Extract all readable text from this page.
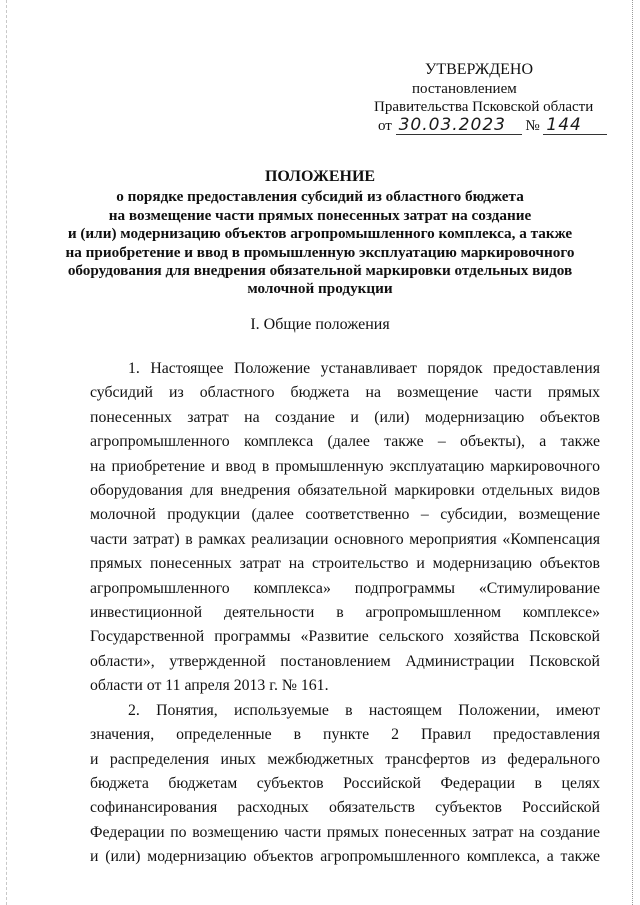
УТВЕРЖДЕНО
постановлением
Правительства Псковской области
от 30.03.2023 № 144
ПОЛОЖЕНИЕ
о порядке предоставления субсидий из областного бюджета
на возмещение части прямых понесенных затрат на создание
и (или) модернизацию объектов агропромышленного комплекса, а также
на приобретение и ввод в промышленную эксплуатацию маркировочного
оборудования для внедрения обязательной маркировки отдельных видов
молочной продукции
I. Общие положения

1. Настоящее Положение устанавливает порядок предоставления
субсидий из областного бюджета на возмещение части прямых
понесенных затрат на создание и (или) модернизацию объектов
агропромышленного комплекса (далее также – объекты), а также
на приобретение и ввод в промышленную эксплуатацию маркировочного
оборудования для внедрения обязательной маркировки отдельных видов
молочной продукции (далее соответственно – субсидии, возмещение
части затрат) в рамках реализации основного мероприятия «Компенсация
прямых понесенных затрат на строительство и модернизацию объектов
агропромышленного комплекса» подпрограммы «Стимулирование
инвестиционной деятельности в агропромышленном комплексе»
Государственной программы «Развитие сельского хозяйства Псковской
области», утвержденной постановлением Администрации Псковской
области от 11 апреля 2013 г. № 161.

2. Понятия, используемые в настоящем Положении, имеют
значения, определенные в пункте 2 Правил предоставления
и распределения иных межбюджетных трансфертов из федерального
бюджета бюджетам субъектов Российской Федерации в целях
софинансирования расходных обязательств субъектов Российской
Федерации по возмещению части прямых понесенных затрат на создание
и (или) модернизацию объектов агропромышленного комплекса, а также
